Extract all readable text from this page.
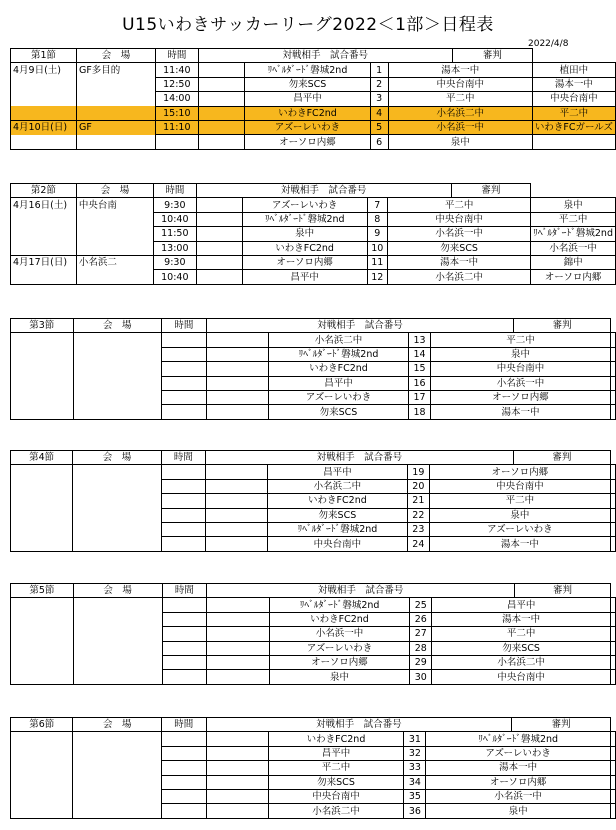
U15いわきサッカーリーグ2022＜1部＞日程表
2022/4/8
第1節	会　場	時間	対戦相手　試合番号				審判	
4月9日(土)	GF多目的	11:40		ﾘﾍﾞﾙﾀﾞｰﾄﾞ磐城2nd	1	湯本一中		植田中
		12:50		勿来SCS	2	中央台南中		湯本一中
		14:00		昌平中	3	平二中		中央台南中
		15:10		いわきFC2nd	4	小名浜二中		平二中
4月10日(日)	GF	11:10		アズーレいわき	5	小名浜一中		いわきFCガールズ
				オーソロ内郷	6	泉中		
第2節	会　場	時間	対戦相手　試合番号				審判	
4月16日(土)	中央台南	9:30		アズーレいわき	7	平二中		泉中
		10:40		ﾘﾍﾞﾙﾀﾞｰﾄﾞ磐城2nd	8	中央台南中		平二中
		11:50		泉中	9	小名浜一中		ﾘﾍﾞﾙﾀﾞｰﾄﾞ磐城2nd
		13:00		いわきFC2nd	10	勿来SCS		小名浜一中
4月17日(日)	小名浜二	9:30		オーソロ内郷	11	湯本一中		錦中
		10:40		昌平中	12	小名浜二中		オーソロ内郷
第3節	会　場	時間	対戦相手　試合番号				審判	
				小名浜二中	13	平二中		
				ﾘﾍﾞﾙﾀﾞｰﾄﾞ磐城2nd	14	泉中		
				いわきFC2nd	15	中央台南中		
				昌平中	16	小名浜一中		
				アズーレいわき	17	オーソロ内郷		
				勿来SCS	18	湯本一中		
第4節	会　場	時間	対戦相手　試合番号				審判	
				昌平中	19	オーソロ内郷		
				小名浜二中	20	中央台南中		
				いわきFC2nd	21	平二中		
				勿来SCS	22	泉中		
				ﾘﾍﾞﾙﾀﾞｰﾄﾞ磐城2nd	23	アズーレいわき		
				中央台南中	24	湯本一中		
第5節	会　場	時間	対戦相手　試合番号				審判	
				ﾘﾍﾞﾙﾀﾞｰﾄﾞ磐城2nd	25	昌平中		
				いわきFC2nd	26	湯本一中		
				小名浜一中	27	平二中		
				アズーレいわき	28	勿来SCS		
				オーソロ内郷	29	小名浜二中		
				泉中	30	中央台南中		
第6節	会　場	時間	対戦相手　試合番号				審判	
				いわきFC2nd	31	ﾘﾍﾞﾙﾀﾞｰﾄﾞ磐城2nd		
				昌平中	32	アズーレいわき		
				平二中	33	湯本一中		
				勿来SCS	34	オーソロ内郷		
				中央台南中	35	小名浜一中		
				小名浜二中	36	泉中		
